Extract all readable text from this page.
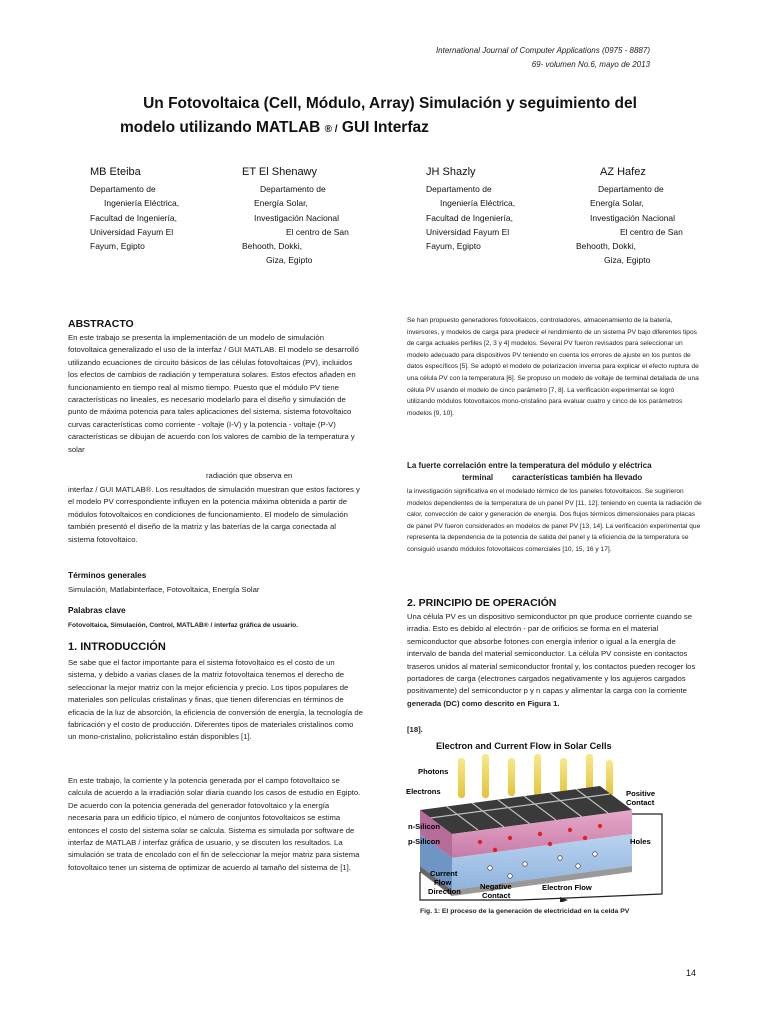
International Journal of Computer Applications (0975 - 8887)
69- volumen No.6, mayo de 2013
Un Fotovoltaica (Cell, Módulo, Array) Simulación y seguimiento del
modelo utilizando MATLAB ® / GUI Interfaz
MB Eteiba
Departamento de
Ingeniería Eléctrica,
Facultad de Ingeniería,
Universidad Fayum El
Fayum, Egipto
ET El Shenawy
Departamento de
Energía Solar,
Investigación Nacional
El centro de San
Behooth, Dokki,
Giza, Egipto
JH Shazly
Departamento de
Ingeniería Eléctrica,
Facultad de Ingeniería,
Universidad Fayum El
Fayum, Egipto
AZ Hafez
Departamento de
Energía Solar,
Investigación Nacional
El centro de San
Behooth, Dokki,
Giza, Egipto
ABSTRACTO

En este trabajo se presenta la implementación de un modelo de simulación fotovoltaica generalizado el uso de la interfaz / GUI MATLAB. El modelo se desarrolló utilizando ecuaciones de circuito básicos de las células fotovoltaicas (PV), incluidos los efectos de cambios de radiación y temperatura solares. Estos efectos añaden en funcionamiento en tiempo real al mismo tiempo. Puesto que el módulo PV tiene características no lineales, es necesario modelarlo para el diseño y simulación de punto de máxima potencia para tales aplicaciones del sistema. sistema fotovoltaico curvas características como corriente - voltaje (I-V) y la potencia - voltaje (P-V) características se dibujan de acuerdo con los valores de cambio de la temperatura y solar

radiación que observa en

interfaz / GUI MATLAB®. Los resultados de simulación muestran que estos factores y el modelo PV correspondiente influyen en la potencia máxima obtenida a partir de módulos fotovoltaicos en condiciones de funcionamiento. El modelo de simulación también presentó el diseño de la matriz y las baterías de la carga conectada al sistema fotovoltaico.

Términos generales
Simulación, Matlabinterface, Fotovoltaica, Energía Solar
Palabras clave
Fotovoltaica, Simulación, Control, MATLAB® / interfaz gráfica de usuario.
1. INTRODUCCIÓN

Se sabe que el factor importante para el sistema fotovoltaico es el costo de un sistema, y debido a varias clases de la matriz fotovoltaica tenemos el derecho de seleccionar la mejor matriz con la mejor eficiencia y precio. Los tipos populares de materiales son películas cristalinas y finas, que tienen diferencias en términos de eficacia de la luz de absorción, la eficiencia de conversión de energía, la tecnología de fabricación y el costo de producción. Diferentes tipos de materiales cristalinos como un mono-cristalino, policristalino están disponibles [1].

En este trabajo, la corriente y la potencia generada por el campo fotovoltaico se calcula de acuerdo a la irradiación solar diaria cuando los casos de estudio en Egipto. De acuerdo con la potencia generada del generador fotovoltaico y la energía necesaria para un edificio típico, el número de conjuntos fotovoltaicos se estima entonces el costo del sistema solar se calcula. Sistema es simulada por software de interfaz de MATLAB / interfaz gráfica de usuario, y se discuten los resultados. La simulación se trata de encolado con el fin de seleccionar la mejor matriz para sistema fotovoltaico tener un sistema de optimizar de acuerdo al tamaño del sistema de [1].

Se han propuesto generadores fotovoltaicos, controladores, almacenamiento de la batería, inversores, y modelos de carga para predecir el rendimiento de un sistema PV bajo diferentes tipos de carga actuales perfiles [2, 3 y 4] modelos. Several PV fueron revisados para seleccionar un modelo adecuado para dispositivos PV teniendo en cuenta los errores de ajuste en los puntos de datos específicos [5]. Se adoptó el modelo de polarización inversa para explicar el efecto ruptura de una célula PV con la temperatura [6]. Se propuso un modelo de voltaje de terminal detallada de una célula PV usando el modelo de cinco parámetro [7, 8]. La verificación experimental se logró utilizando módulos fotovoltaicos mono-cristalino para evaluar cuatro y cinco de los parámetros modelos [9, 10].

La fuerte correlación entre la temperatura del módulo y eléctrica
terminal características también ha llevado

la investigación significativa en el modelado térmico de los paneles fotovoltaicos. Se sugirieron modelos dependientes de la temperatura de un panel PV [11, 12], teniendo en cuenta la radiación de calor, convección de calor y generación de energía. Dos flujos térmicos dimensionales para placas de panel PV fueron considerados en modelos de panel PV [13, 14]. La verificación experimental que representa la dependencia de la potencia de salida del panel y la eficiencia de la temperatura se consiguió usando módulos fotovoltaicos comerciales [10, 15, 16 y 17].

2. PRINCIPIO DE OPERACIÓN

Una célula PV es un dispositivo semiconductor pn que produce corriente cuando se irradia. Esto es debido al electrón - par de orificios se forma en el material semiconductor que absorbe fotones con energía inferior o igual a la energía de intervalo de banda del material semiconductor. La célula PV consiste en contactos traseros unidos al material semiconductor frontal y, los contactos pueden recoger los portadores de carga (electrones cargados negativamente y los agujeros cargados positivamente) del semiconductor p y n capas y alimentar la carga con la corriente generada (DC) como descrito en Figura 1.

[18].
Electron and Current Flow in Solar Cells
Photons
Electrons
n-Silicon
p-Silicon
Positive
Contact
Holes
Current
Flow
Direction
Negative
Contact
Electron Flow
Fig. 1: El proceso de la generación de electricidad en la celda PV
14
